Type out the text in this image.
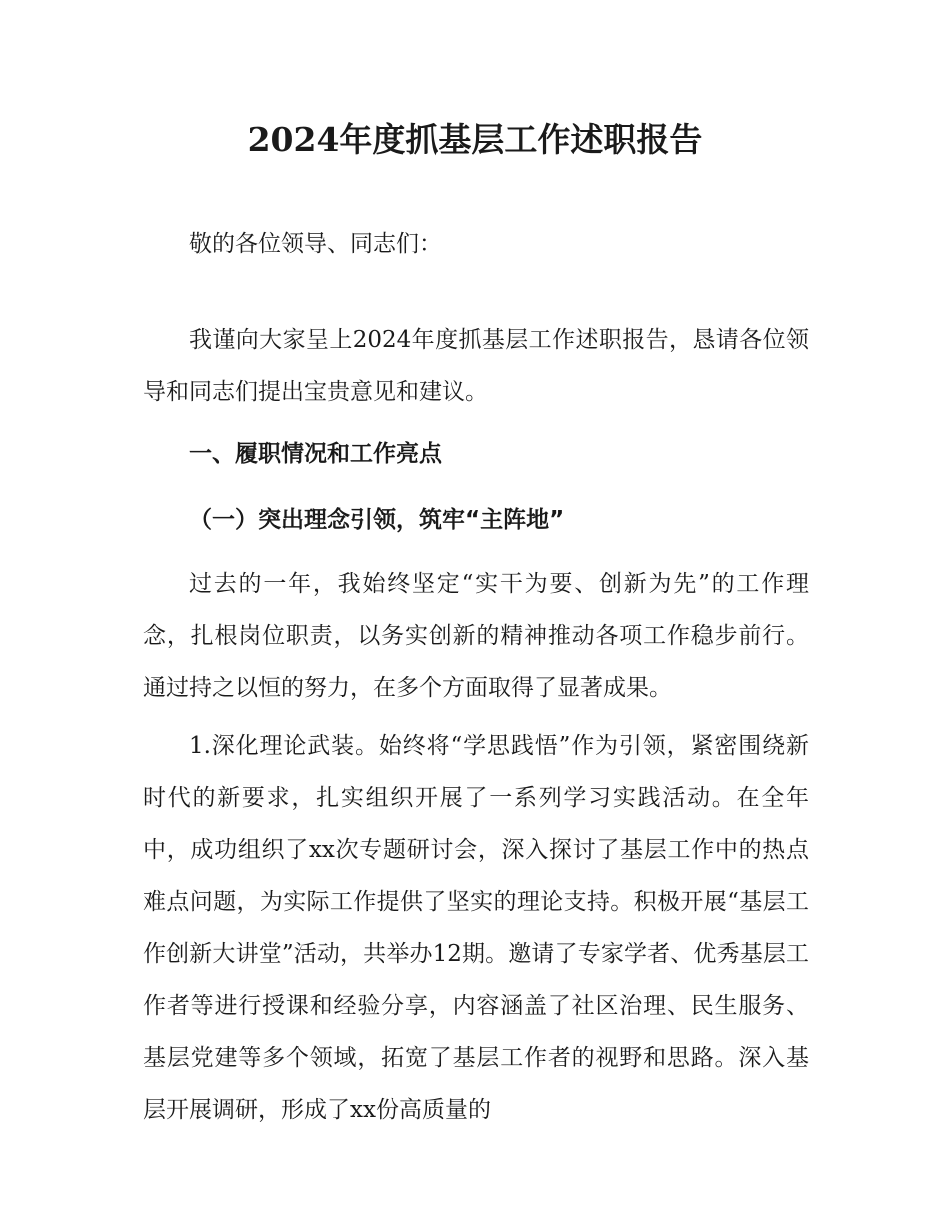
2024年度抓基层工作述职报告

敬的各位领导、同志们：

我谨向大家呈上2024年度抓基层工作述职报告，恳请各位领导和同志们提出宝贵意见和建议。

一、履职情况和工作亮点

（一）突出理念引领，筑牢“主阵地”

过去的一年，我始终坚定“实干为要、创新为先”的工作理念，扎根岗位职责，以务实创新的精神推动各项工作稳步前行。通过持之以恒的努力，在多个方面取得了显著成果。

1.深化理论武装。始终将“学思践悟”作为引领，紧密围绕新时代的新要求，扎实组织开展了一系列学习实践活动。在全年中，成功组织了xx次专题研讨会，深入探讨了基层工作中的热点难点问题，为实际工作提供了坚实的理论支持。积极开展“基层工作创新大讲堂”活动，共举办12期。邀请了专家学者、优秀基层工作者等进行授课和经验分享，内容涵盖了社区治理、民生服务、基层党建等多个领域，拓宽了基层工作者的视野和思路。深入基层开展调研，形成了xx份高质量的
